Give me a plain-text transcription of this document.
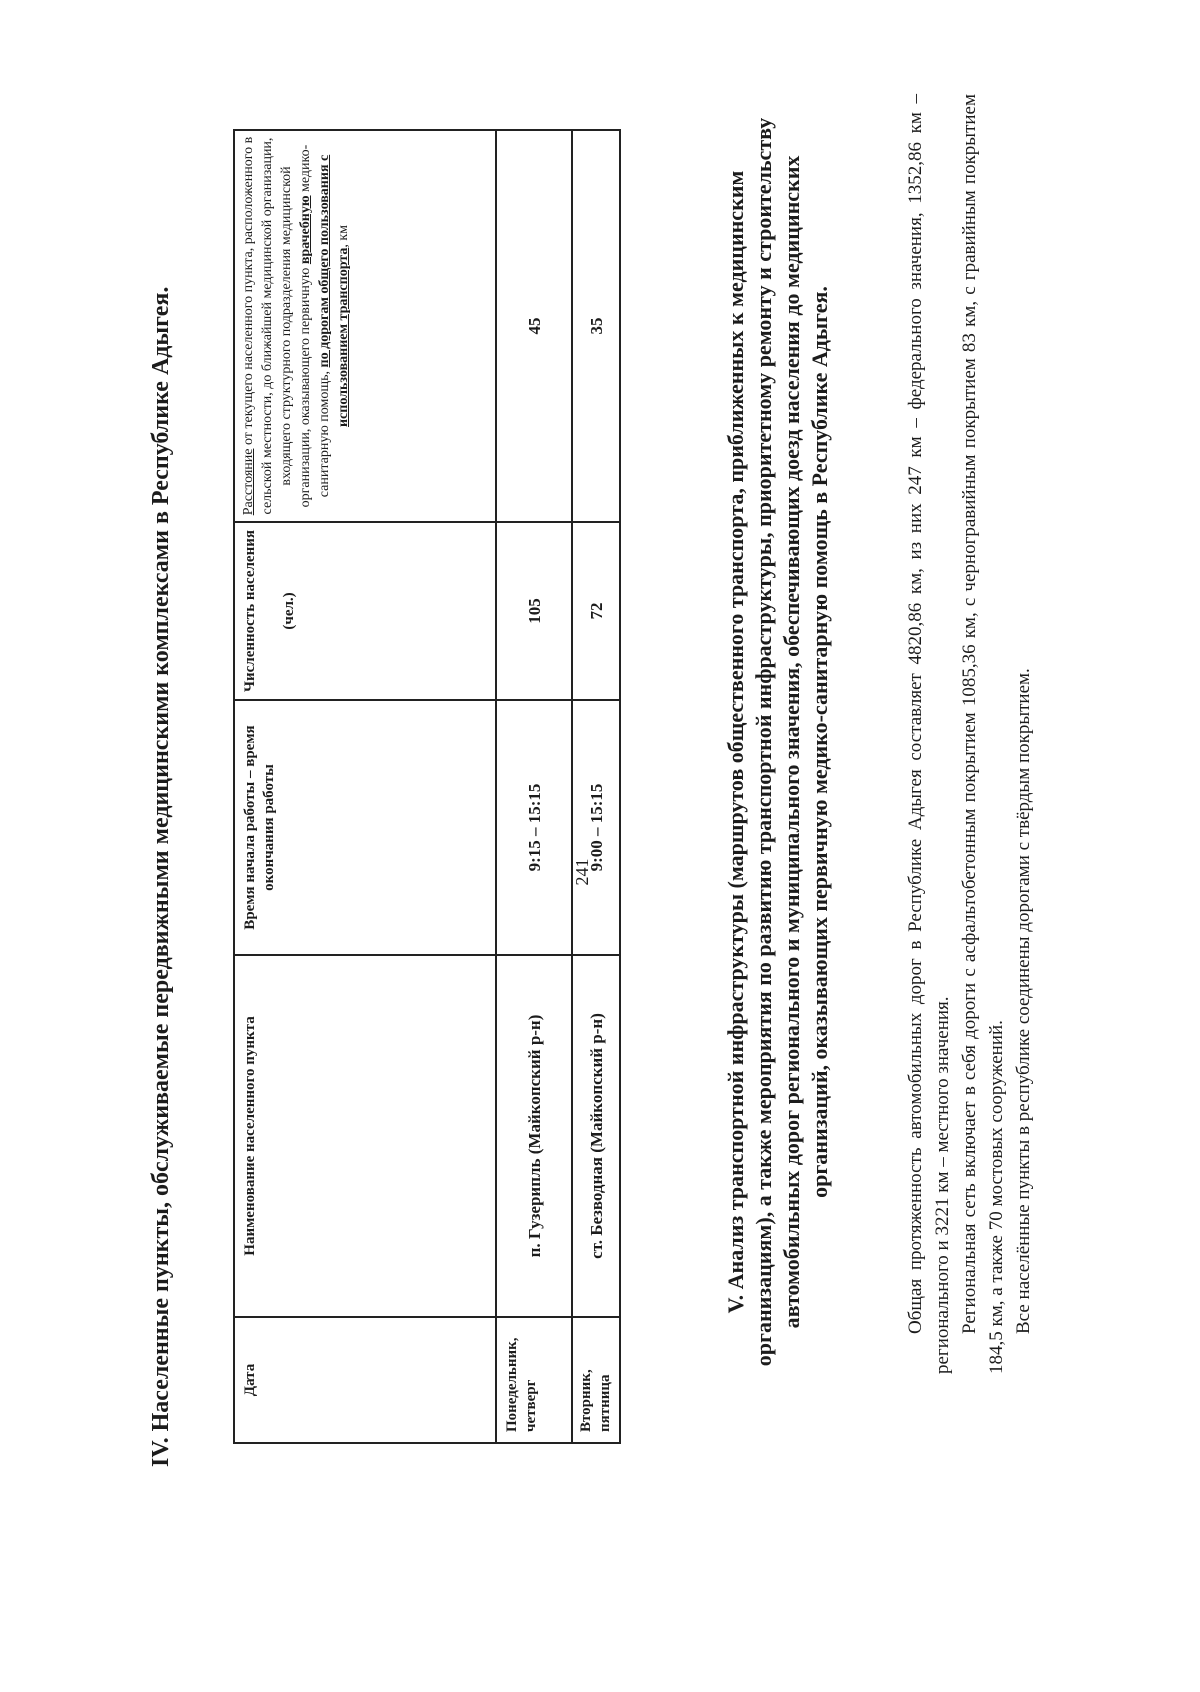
241
IV. Населенные пункты, обслуживаемые передвижными медицинскими комплексами в Республике Адыгея.	Дата	Наименование населенного пункта	Время начала работы – время окончания работы	Численность населения (чел.)	Расстояние от текущего населенного пункта, расположенного в сельской местности, до ближайшей медицинской организации, входящего структурного подразделения медицинской организации, оказывающего первичную врачебную медико-санитарную помощь, по дорогам общего пользования с использованием транспорта, км
Понедельник, четверг	п. Гузерипль (Майкопский р-н)	9:15 – 15:15	105	45
Вторник, пятница	ст. Безводная (Майкопский р-н)	9:00 – 15:15	72	35	V. Анализ транспортной инфраструктуры (маршрутов общественного транспорта, приближенных к медицинским организациям), а также мероприятия по развитию транспортной инфраструктуры, приоритетному ремонту и строительству автомобильных дорог регионального и муниципального значения, обеспечивающих доезд населения до медицинских организаций, оказывающих первичную медико-санитарную помощь в Республике Адыгея.	Общая протяженность автомобильных дорог в Республике Адыгея составляет 4820,86 км, из них 247 км – федерального значения, 1352,86 км – регионального и 3221 км – местного значения. Региональная сеть включает в себя дороги с асфальтобетонным покрытием 1085,36 км, с черногравийным покрытием 83 км, с гравийным покрытием 184,5 км, а также 70 мостовых сооружений. Все населённые пункты в республике соединены дорогами с твёрдым покрытием.
